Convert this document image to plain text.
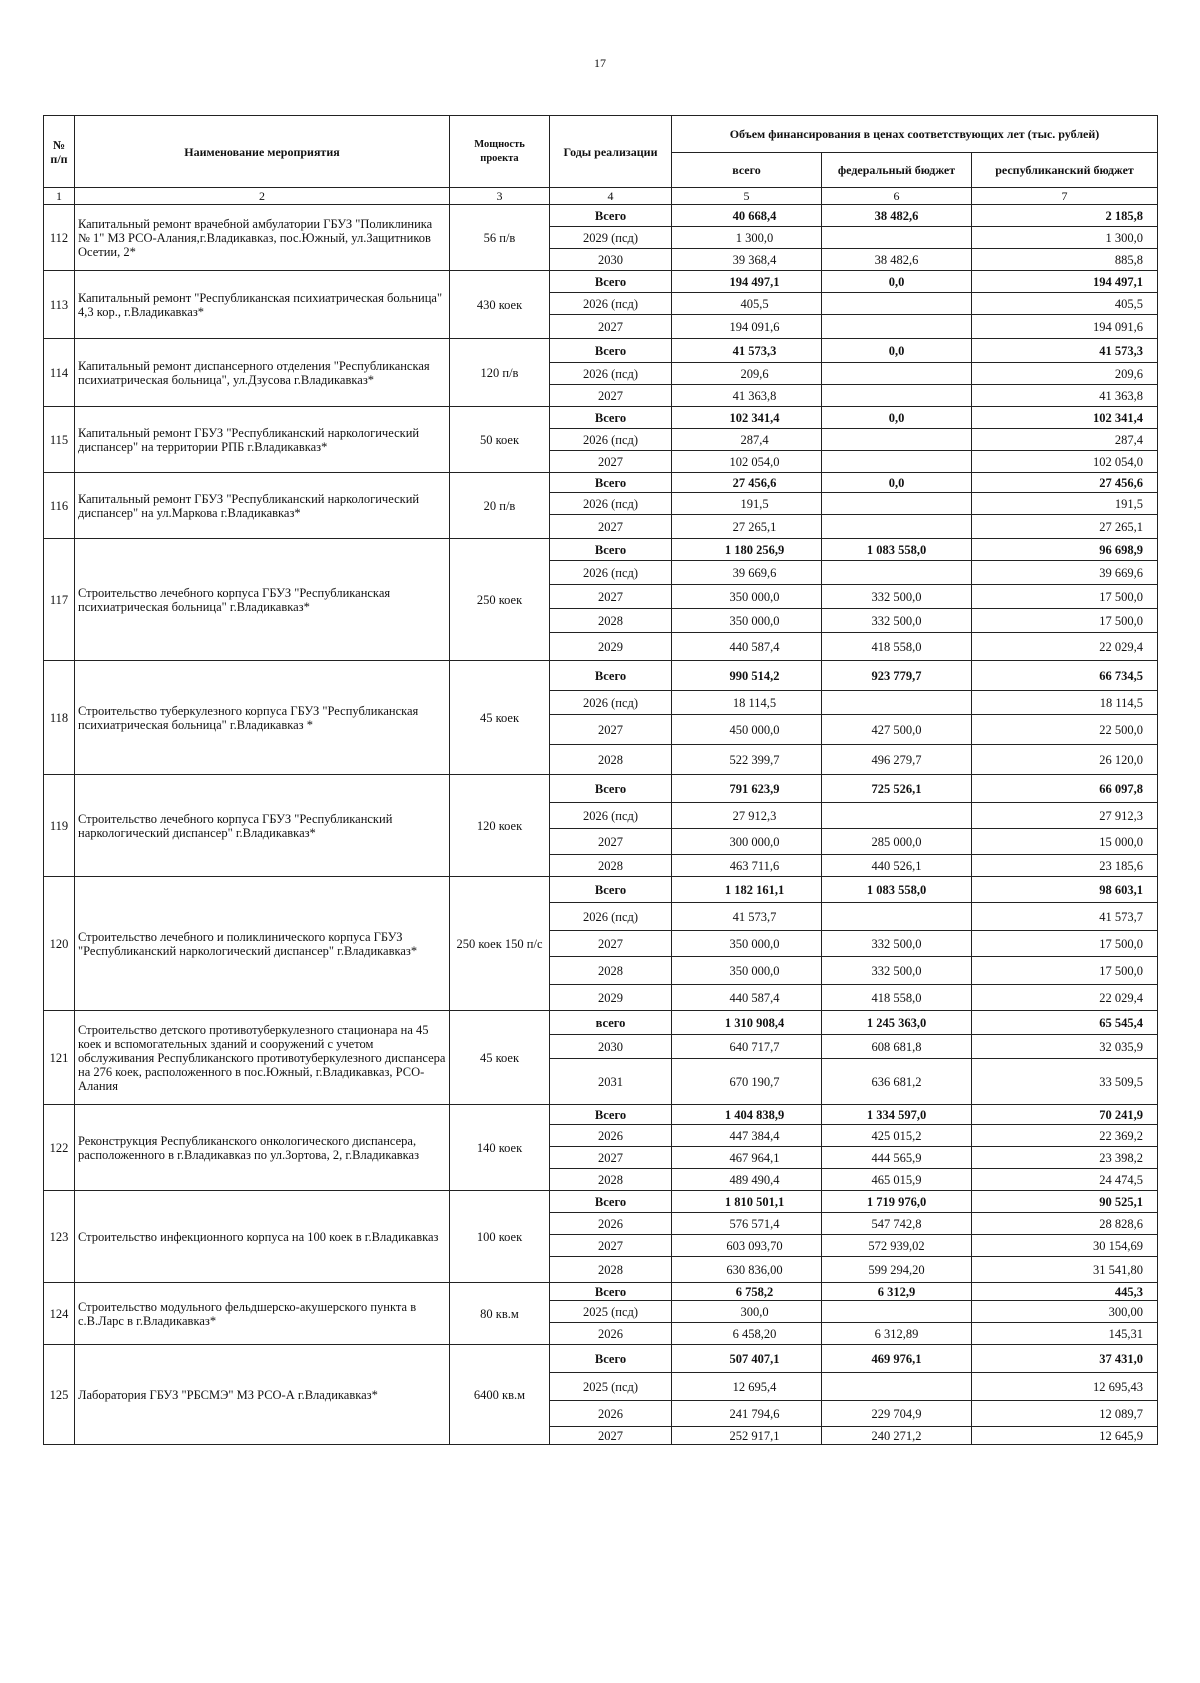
17
№ п/п	Наименование мероприятия	Мощность проекта	Годы реализации	Объем финансирования в ценах соответствующих лет (тыс. рублей)		
				всего	федеральный бюджет	республиканский бюджет
1	2	3	4	5	6	7
112	Капитальный ремонт врачебной амбулатории ГБУЗ "Поликлиника № 1" МЗ РСО-Алания,г.Владикавказ, пос.Южный, ул.Защитников Осетии, 2*	56 п/в	Всего	40 668,4	38 482,6	2 185,8
			2029 (псд)	1 300,0		1 300,0
			2030	39 368,4	38 482,6	885,8
113	Капитальный ремонт "Республиканская психиатрическая больница" 4,3 кор., г.Владикавказ*	430 коек	Всего	194 497,1	0,0	194 497,1
			2026 (псд)	405,5		405,5
			2027	194 091,6		194 091,6
114	Капитальный ремонт диспансерного отделения "Республиканская психиатрическая больница", ул.Дзусова г.Владикавказ*	120 п/в	Всего	41 573,3	0,0	41 573,3
			2026 (псд)	209,6		209,6
			2027	41 363,8		41 363,8
115	Капитальный ремонт ГБУЗ "Республиканский наркологический диспансер" на территории РПБ г.Владикавказ*	50 коек	Всего	102 341,4	0,0	102 341,4
			2026 (псд)	287,4		287,4
			2027	102 054,0		102 054,0
116	Капитальный ремонт ГБУЗ "Республиканский наркологический диспансер" на ул.Маркова г.Владикавказ*	20 п/в	Всего	27 456,6	0,0	27 456,6
			2026 (псд)	191,5		191,5
			2027	27 265,1		27 265,1
117	Строительство лечебного корпуса ГБУЗ "Республиканская психиатрическая больница" г.Владикавказ*	250 коек	Всего	1 180 256,9	1 083 558,0	96 698,9
			2026 (псд)	39 669,6		39 669,6
			2027	350 000,0	332 500,0	17 500,0
			2028	350 000,0	332 500,0	17 500,0
			2029	440 587,4	418 558,0	22 029,4
118	Строительство туберкулезного корпуса ГБУЗ "Республиканская психиатрическая больница" г.Владикавказ *	45 коек	Всего	990 514,2	923 779,7	66 734,5
			2026 (псд)	18 114,5		18 114,5
			2027	450 000,0	427 500,0	22 500,0
			2028	522 399,7	496 279,7	26 120,0
119	Строительство лечебного корпуса ГБУЗ "Республиканский наркологический диспансер" г.Владикавказ*	120 коек	Всего	791 623,9	725 526,1	66 097,8
			2026 (псд)	27 912,3		27 912,3
			2027	300 000,0	285 000,0	15 000,0
			2028	463 711,6	440 526,1	23 185,6
120	Строительство лечебного и поликлинического корпуса ГБУЗ "Республиканский наркологический диспансер" г.Владикавказ*	250 коек 150 п/с	Всего	1 182 161,1	1 083 558,0	98 603,1
			2026 (псд)	41 573,7		41 573,7
			2027	350 000,0	332 500,0	17 500,0
			2028	350 000,0	332 500,0	17 500,0
			2029	440 587,4	418 558,0	22 029,4
121	Строительство детского противотуберкулезного стационара на 45 коек и вспомогательных зданий и сооружений с учетом обслуживания Республиканского противотуберкулезного диспансера на 276 коек, расположенного в пос.Южный, г.Владикавказ, РСО-Алания	45 коек	всего	1 310 908,4	1 245 363,0	65 545,4
			2030	640 717,7	608 681,8	32 035,9
			2031	670 190,7	636 681,2	33 509,5
122	Реконструкция Республиканского онкологического диспансера, расположенного в г.Владикавказ по ул.Зортова, 2, г.Владикавказ	140 коек	Всего	1 404 838,9	1 334 597,0	70 241,9
			2026	447 384,4	425 015,2	22 369,2
			2027	467 964,1	444 565,9	23 398,2
			2028	489 490,4	465 015,9	24 474,5
123	Строительство инфекционного корпуса на 100 коек в г.Владикавказ	100 коек	Всего	1 810 501,1	1 719 976,0	90 525,1
			2026	576 571,4	547 742,8	28 828,6
			2027	603 093,70	572 939,02	30 154,69
			2028	630 836,00	599 294,20	31 541,80
124	Строительство модульного фельдшерско-акушерского пункта в с.В.Ларс в г.Владикавказ*	80 кв.м	Всего	6 758,2	6 312,9	445,3
			2025 (псд)	300,0		300,00
			2026	6 458,20	6 312,89	145,31
125	Лаборатория ГБУЗ "РБСМЭ" МЗ РСО-А г.Владикавказ*	6400 кв.м	Всего	507 407,1	469 976,1	37 431,0
			2025 (псд)	12 695,4		12 695,43
			2026	241 794,6	229 704,9	12 089,7
			2027	252 917,1	240 271,2	12 645,9
